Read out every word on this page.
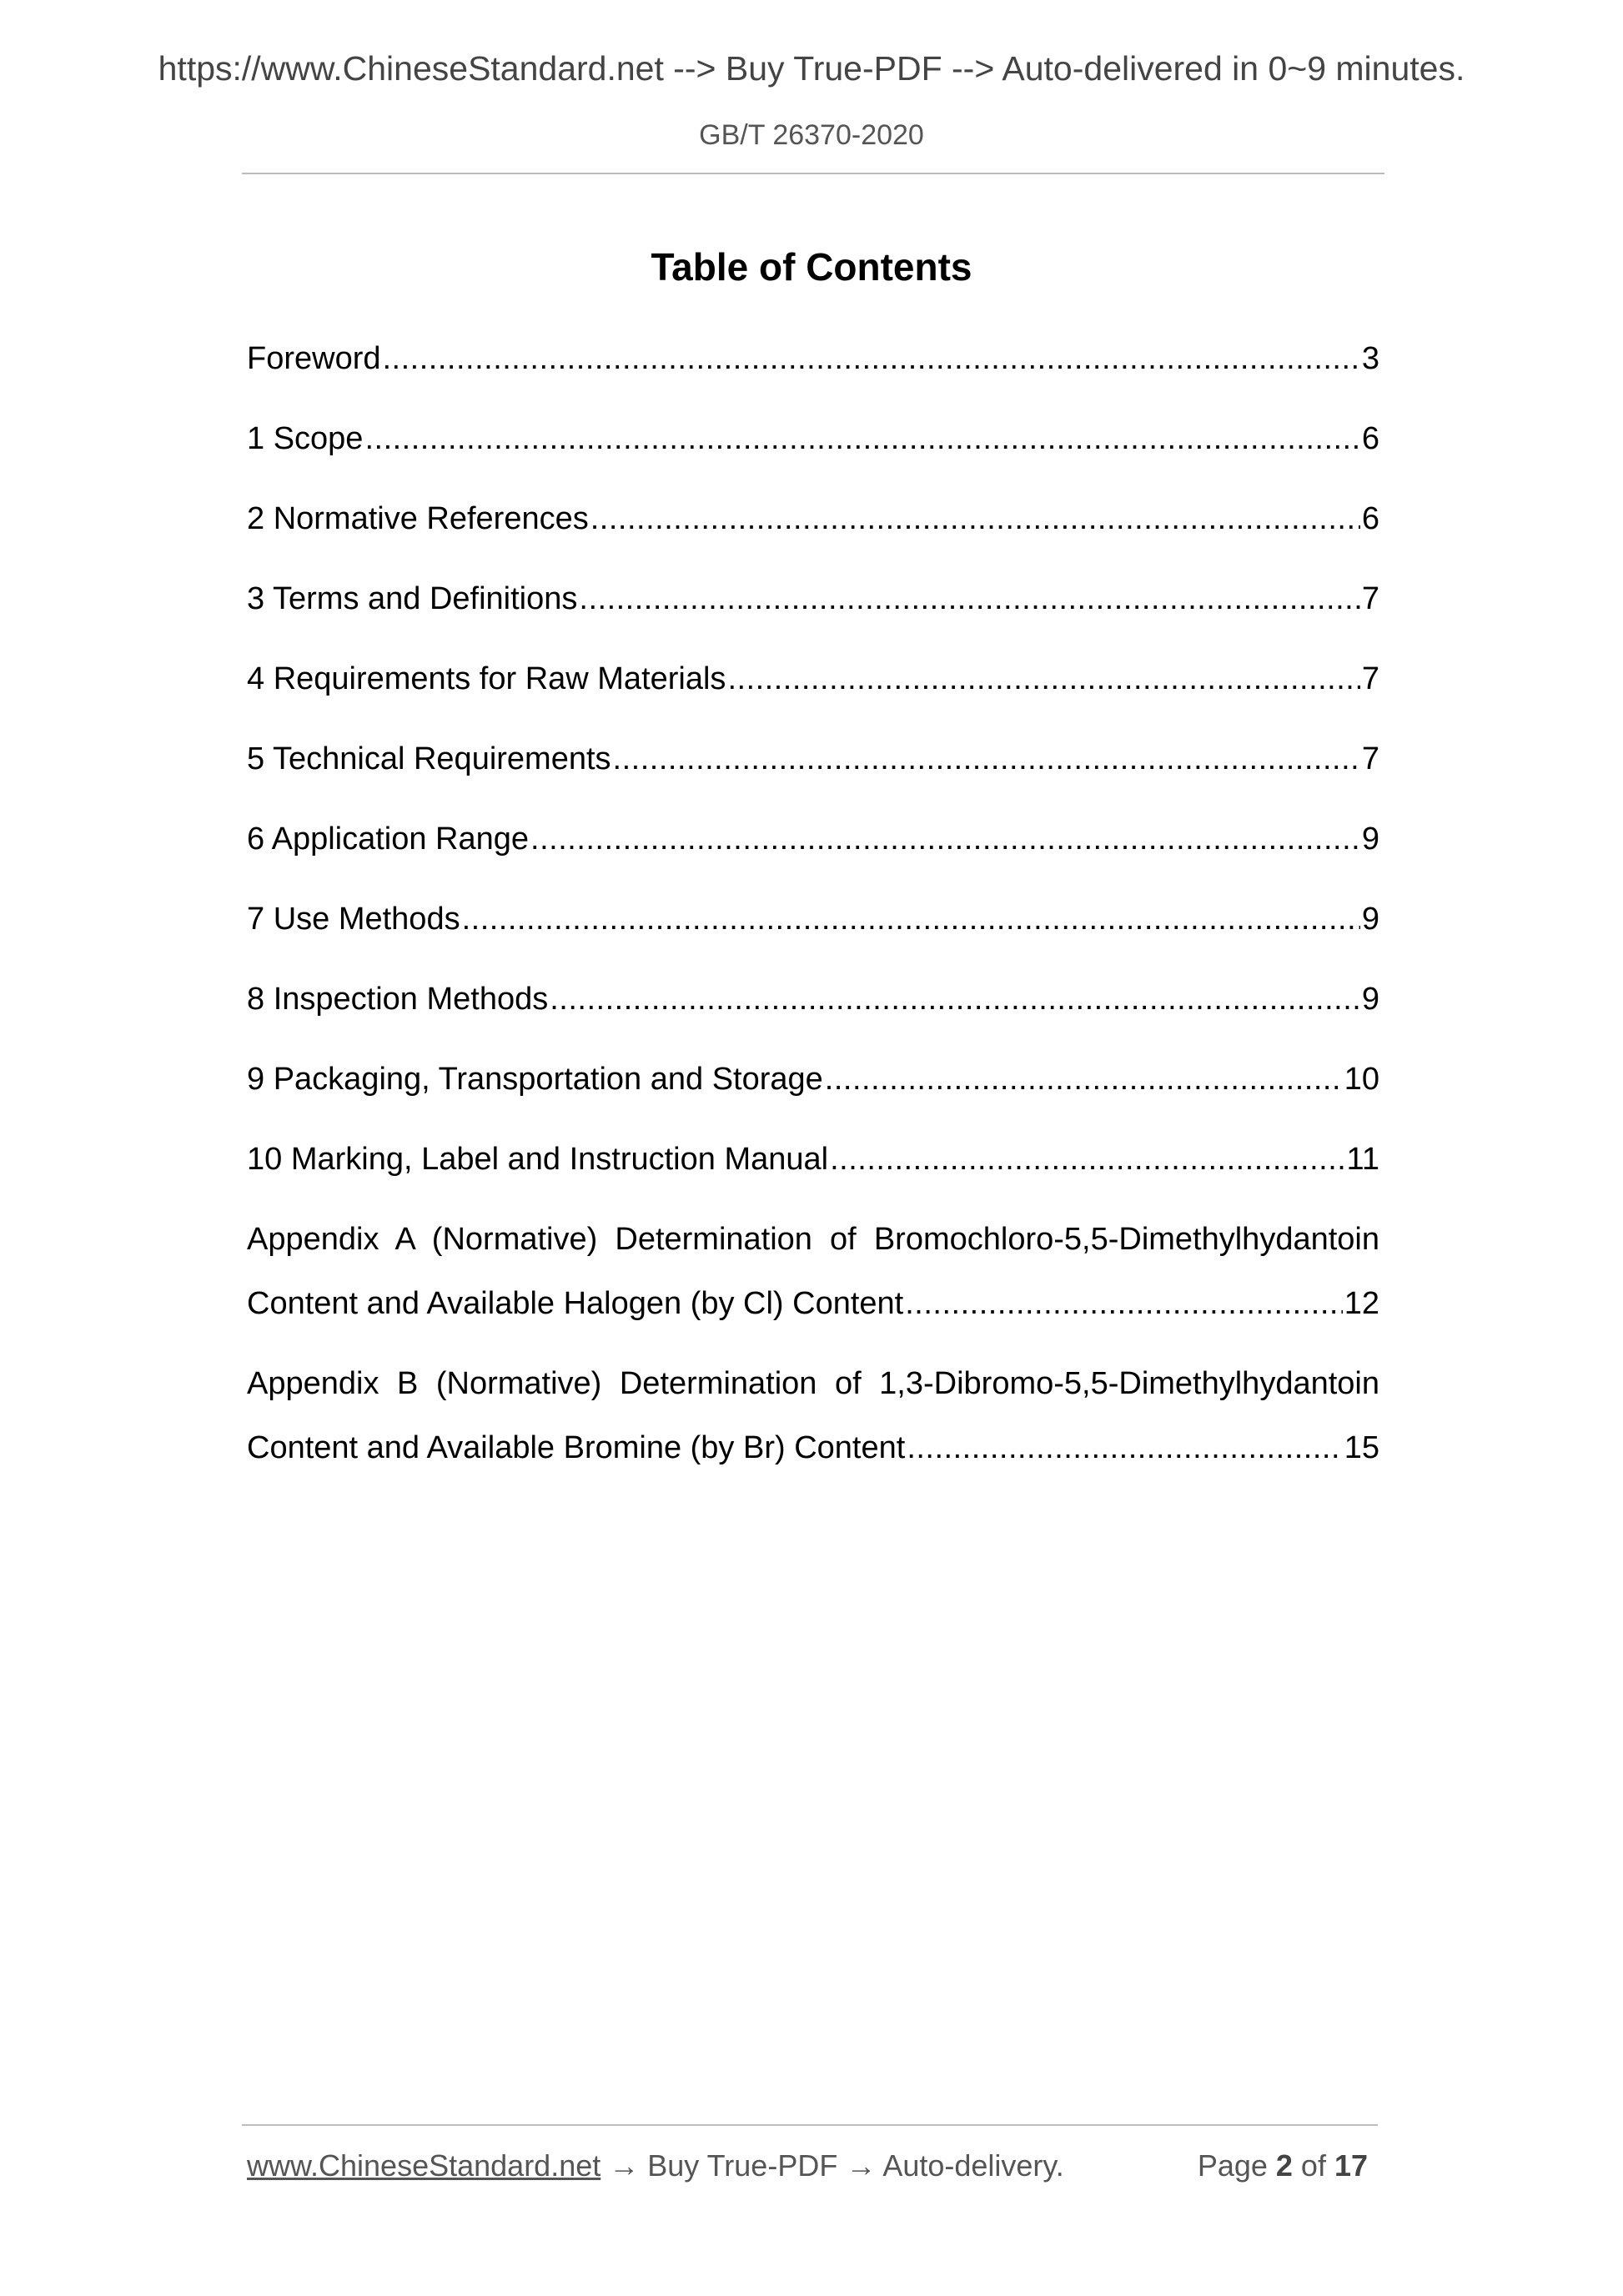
https://www.ChineseStandard.net --> Buy True-PDF --> Auto-delivered in 0~9 minutes.
GB/T 26370-2020
Table of Contents
Foreword .....	3
1 Scope .....	6
2 Normative References .....	6
3 Terms and Definitions .....	7
4 Requirements for Raw Materials .....	7
5 Technical Requirements .....	7
6 Application Range .....	9
7 Use Methods .....	9
8 Inspection Methods .....	9
9 Packaging, Transportation and Storage .....	10
10 Marking, Label and Instruction Manual .....	11
Appendix A (Normative) Determination of Bromochloro-5,5-Dimethylhydantoin
Content and Available Halogen (by Cl) Content .....	12
Appendix B (Normative) Determination of 1,3-Dibromo-5,5-Dimethylhydantoin
Content and Available Bromine (by Br) Content .....	15
www.ChineseStandard.net → Buy True-PDF → Auto-delivery.	Page 2 of 17
